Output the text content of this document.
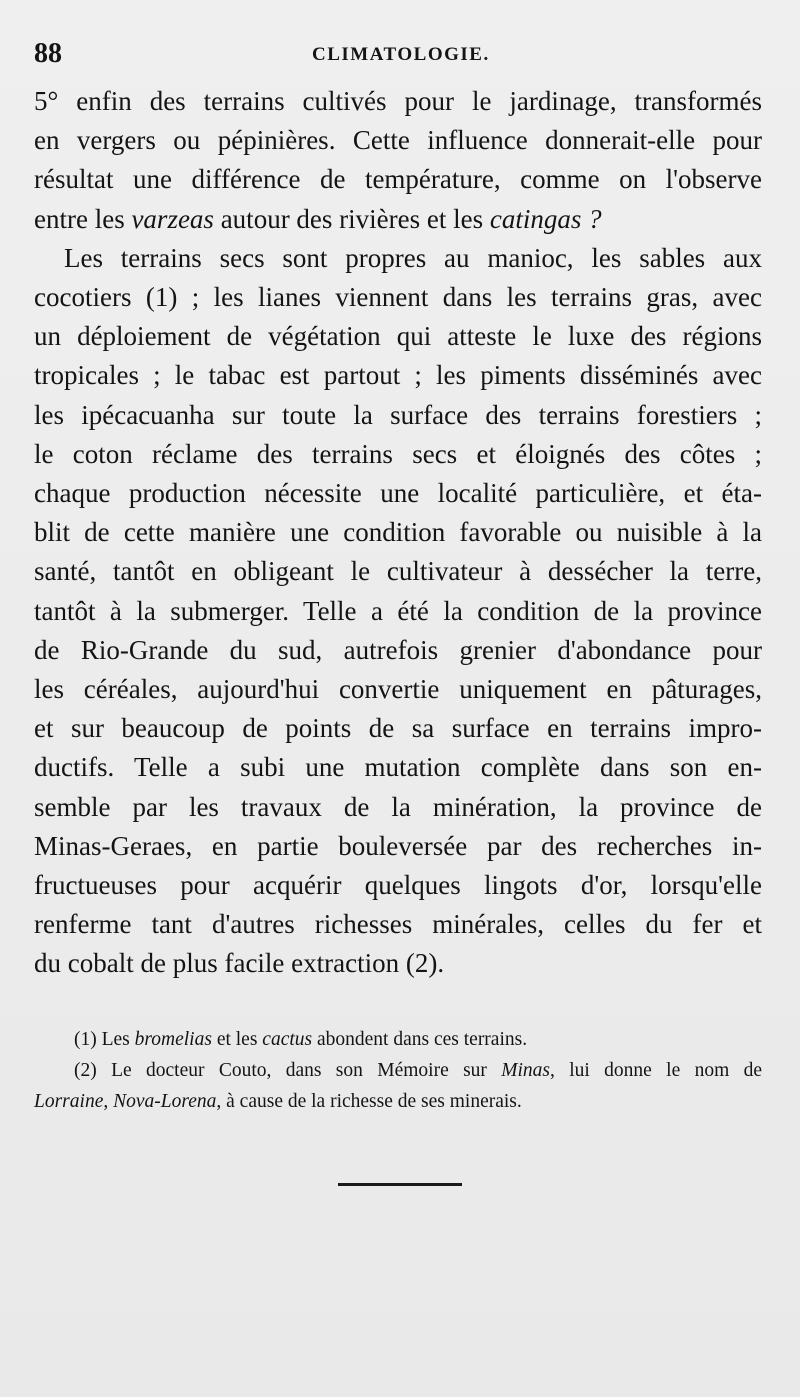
88	CLIMATOLOGIE.

5° enfin des terrains cultivés pour le jardinage, transformés
en vergers ou pépinières. Cette influence donnerait-elle pour
résultat une différence de température, comme on l'observe
entre les varzeas autour des rivières et les catingas ?

Les terrains secs sont propres au manioc, les sables aux
cocotiers (1) ; les lianes viennent dans les terrains gras, avec
un déploiement de végétation qui atteste le luxe des régions
tropicales ; le tabac est partout ; les piments disséminés avec
les ipécacuanha sur toute la surface des terrains forestiers ;
le coton réclame des terrains secs et éloignés des côtes ;
chaque production nécessite une localité particulière, et éta-
blit de cette manière une condition favorable ou nuisible à la
santé, tantôt en obligeant le cultivateur à dessécher la terre,
tantôt à la submerger. Telle a été la condition de la province
de Rio-Grande du sud, autrefois grenier d'abondance pour
les céréales, aujourd'hui convertie uniquement en pâturages,
et sur beaucoup de points de sa surface en terrains impro-
ductifs. Telle a subi une mutation complète dans son en-
semble par les travaux de la minération, la province de
Minas-Geraes, en partie bouleversée par des recherches in-
fructueuses pour acquérir quelques lingots d'or, lorsqu'elle
renferme tant d'autres richesses minérales, celles du fer et
du cobalt de plus facile extraction (2).

(1) Les bromelias et les cactus abondent dans ces terrains.

(2) Le docteur Couto, dans son Mémoire sur Minas, lui donne le nom de
Lorraine, Nova-Lorena, à cause de la richesse de ses minerais.
